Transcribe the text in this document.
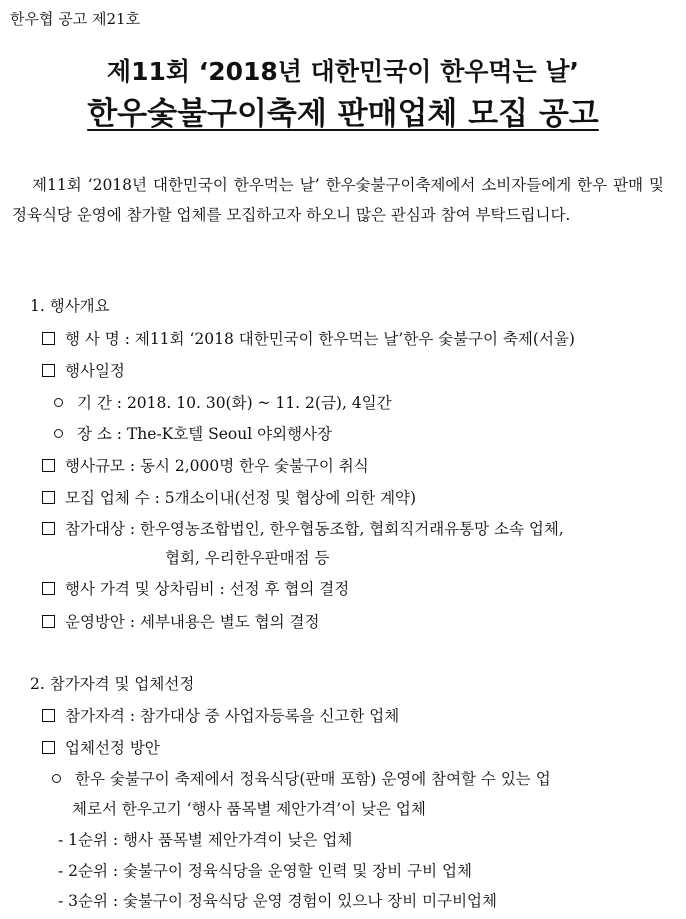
한우협 공고 제21호
제11회 ‘2018년 대한민국이 한우먹는 날’
한우숯불구이축제 판매업체 모집 공고
제11회 ‘2018년 대한민국이 한우먹는 날’ 한우숯불구이축제에서 소비자들에게 한우 판매 및 정육식당 운영에 참가할 업체를 모집하고자 하오니 많은 관심과 참여 부탁드립니다.
1. 행사개요
행 사 명 : 제11회 ‘2018 대한민국이 한우먹는 날’한우 숯불구이 축제(서울)
행사일정
기 간 : 2018. 10. 30(화) ~ 11. 2(금), 4일간
장 소 : The-K호텔 Seoul 야외행사장
행사규모 : 동시 2,000명 한우 숯불구이 취식
모집 업체 수 : 5개소이내(선정 및 협상에 의한 계약)
참가대상 : 한우영농조합법인, 한우협동조합, 협회직거래유통망 소속 업체,
협회, 우리한우판매점 등
행사 가격 및 상차림비 : 선정 후 협의 결정
운영방안 : 세부내용은 별도 협의 결정
2. 참가자격 및 업체선정
참가자격 : 참가대상 중 사업자등록을 신고한 업체
업체선정 방안
한우 숯불구이 축제에서 정육식당(판매 포함) 운영에 참여할 수 있는 업
체로서 한우고기 ‘행사 품목별 제안가격’이 낮은 업체
- 1순위 : 행사 품목별 제안가격이 낮은 업체
- 2순위 : 숯불구이 정육식당을 운영할 인력 및 장비 구비 업체
- 3순위 : 숯불구이 정육식당 운영 경험이 있으나 장비 미구비업체
